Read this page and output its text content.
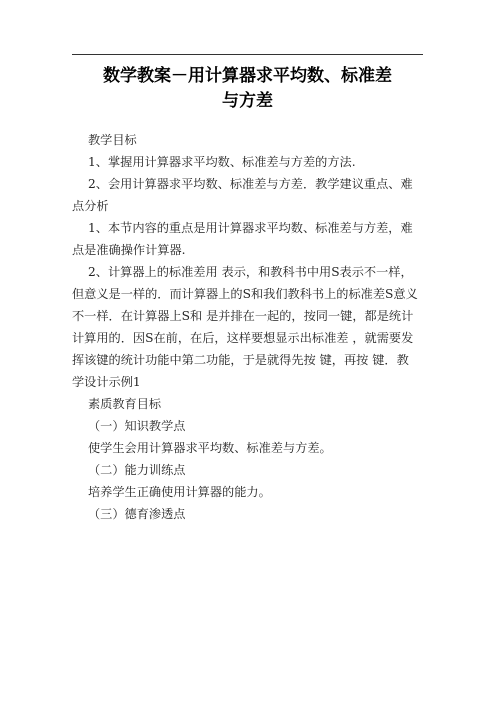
数学教案－用计算器求平均数、标准差
与方差

教学目标

1、掌握用计算器求平均数、标准差与方差的方法.

2、会用计算器求平均数、标准差与方差．教学建议重点、难点分析

1、本节内容的重点是用计算器求平均数、标准差与方差，难点是准确操作计算器.

2、计算器上的标准差用 表示，和教科书中用S表示不一样，但意义是一样的．而计算器上的S和我们教科书上的标准差S意义不一样．在计算器上S和 是并排在一起的，按同一键，都是统计计算用的．因S在前，在后，这样要想显示出标准差 ，就需要发挥该键的统计功能中第二功能，于是就得先按 键，再按 键．教学设计示例1

素质教育目标

（一）知识教学点

使学生会用计算器求平均数、标准差与方差。

（二）能力训练点

培养学生正确使用计算器的能力。

（三）德育渗透点
